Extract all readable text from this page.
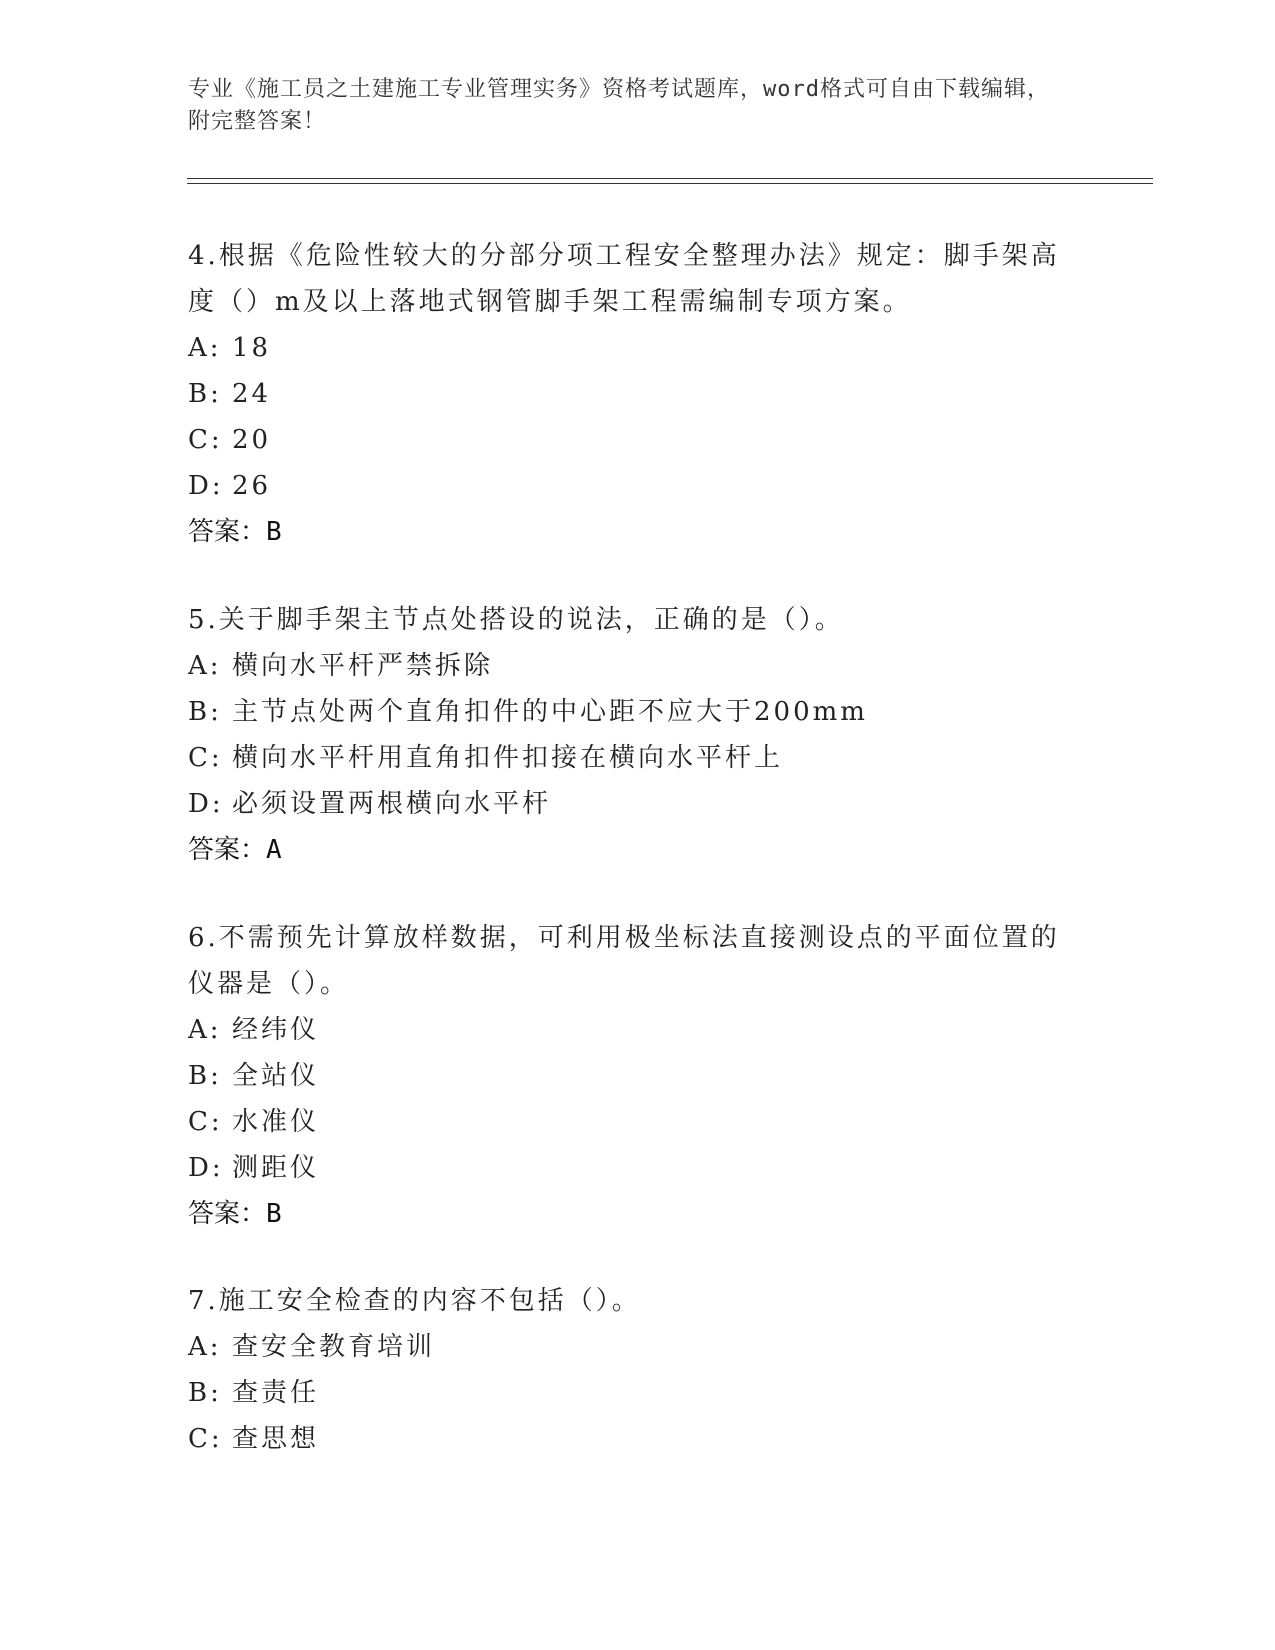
专业《施工员之土建施工专业管理实务》资格考试题库，word格式可自由下载编辑，附完整答案！

4.根据《危险性较大的分部分项工程安全整理办法》规定：脚手架高度（）m及以上落地式钢管脚手架工程需编制专项方案。

A: 18

B: 24

C: 20

D: 26

答案：B

5.关于脚手架主节点处搭设的说法，正确的是（）。

A: 横向水平杆严禁拆除

B: 主节点处两个直角扣件的中心距不应大于200mm

C: 横向水平杆用直角扣件扣接在横向水平杆上

D: 必须设置两根横向水平杆

答案：A

6.不需预先计算放样数据，可利用极坐标法直接测设点的平面位置的仪器是（）。

A: 经纬仪

B: 全站仪

C: 水准仪

D: 测距仪

答案：B

7.施工安全检查的内容不包括（）。

A: 查安全教育培训

B: 查责任

C: 查思想
